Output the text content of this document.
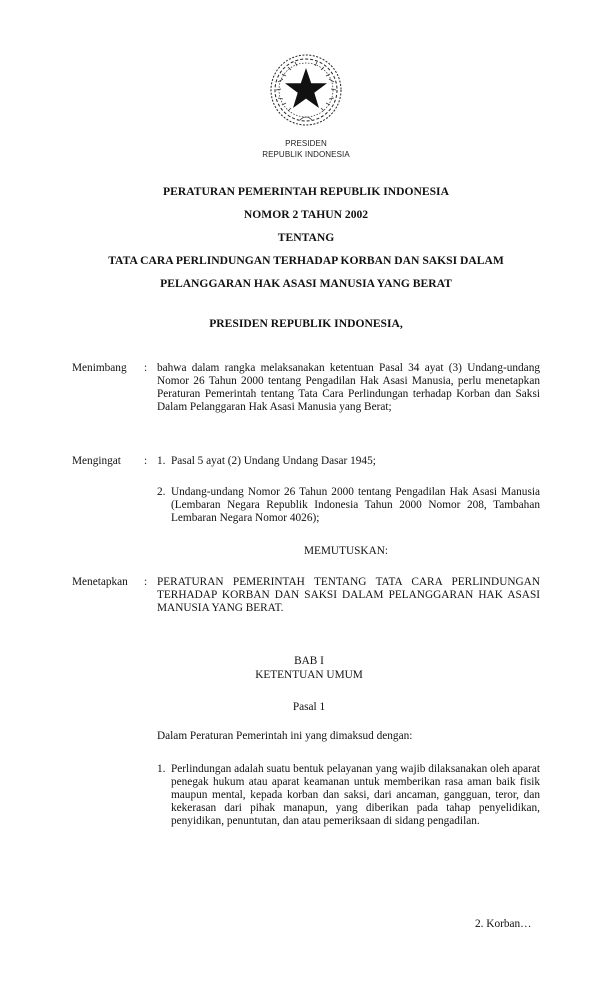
PRESIDEN
REPUBLIK INDONESIA
PERATURAN PEMERINTAH REPUBLIK INDONESIA
NOMOR 2 TAHUN 2002
TENTANG
TATA CARA PERLINDUNGAN TERHADAP KORBAN DAN SAKSI DALAM
PELANGGARAN HAK ASASI MANUSIA YANG BERAT
PRESIDEN REPUBLIK INDONESIA,
Menimbang : bahwa dalam rangka melaksanakan ketentuan Pasal 34 ayat (3) Undang-undang Nomor 26 Tahun 2000 tentang Pengadilan Hak Asasi Manusia, perlu menetapkan Peraturan Pemerintah tentang Tata Cara Perlindungan terhadap Korban dan Saksi Dalam Pelanggaran Hak Asasi Manusia yang Berat;
Mengingat : 1. Pasal 5 ayat (2) Undang Undang Dasar 1945;
2. Undang-undang Nomor 26 Tahun 2000 tentang Pengadilan Hak Asasi Manusia (Lembaran Negara Republik Indonesia Tahun 2000 Nomor 208, Tambahan Lembaran Negara Nomor 4026);
MEMUTUSKAN:
Menetapkan : PERATURAN PEMERINTAH TENTANG TATA CARA PERLINDUNGAN TERHADAP KORBAN DAN SAKSI DALAM PELANGGARAN HAK ASASI MANUSIA YANG BERAT.
BAB I
KETENTUAN UMUM
Pasal 1
Dalam Peraturan Pemerintah ini yang dimaksud dengan:
1. Perlindungan adalah suatu bentuk pelayanan yang wajib dilaksanakan oleh aparat penegak hukum atau aparat keamanan untuk memberikan rasa aman baik fisik maupun mental, kepada korban dan saksi, dari ancaman, gangguan, teror, dan kekerasan dari pihak manapun, yang diberikan pada tahap penyelidikan, penyidikan, penuntutan, dan atau pemeriksaan di sidang pengadilan.
2. Korban…
